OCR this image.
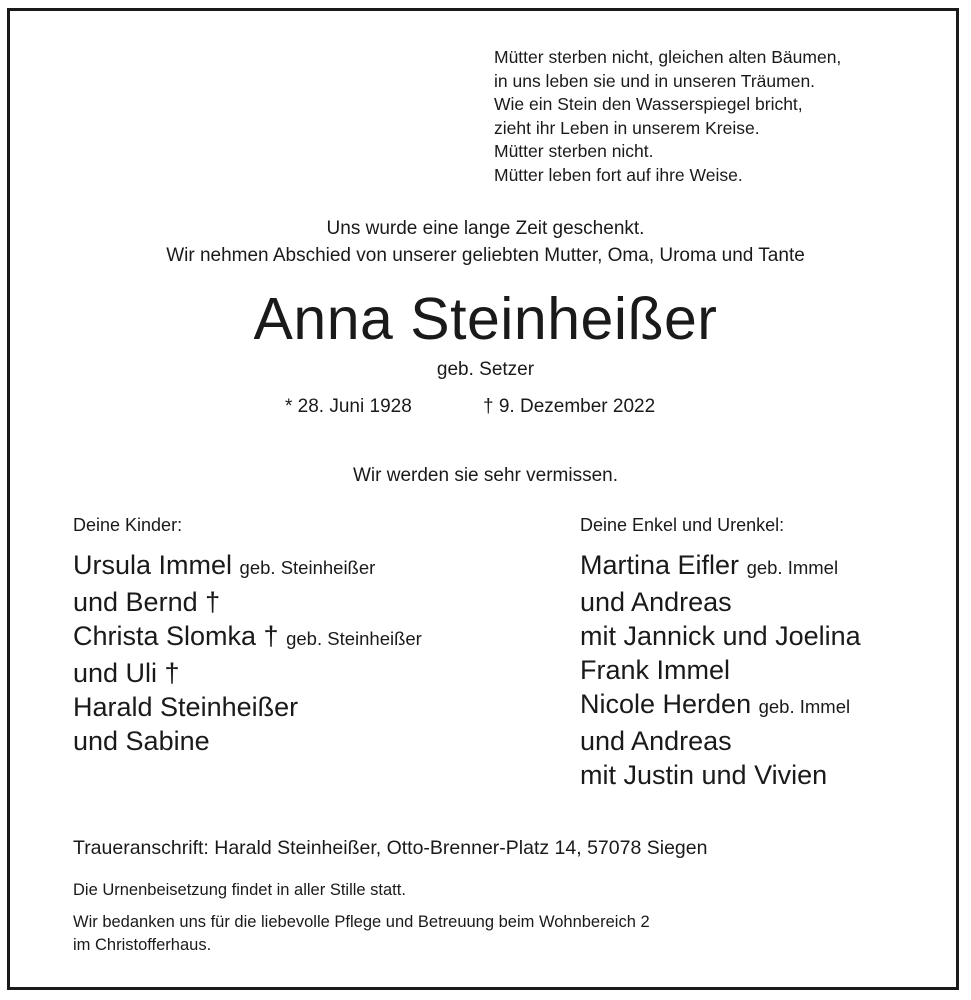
Mütter sterben nicht, gleichen alten Bäumen,
in uns leben sie und in unseren Träumen.
Wie ein Stein den Wasserspiegel bricht,
zieht ihr Leben in unserem Kreise.
Mütter sterben nicht.
Mütter leben fort auf ihre Weise.
Uns wurde eine lange Zeit geschenkt.
Wir nehmen Abschied von unserer geliebten Mutter, Oma, Uroma und Tante
Anna Steinheißer
geb. Setzer
* 28. Juni 1928	† 9. Dezember 2022
Wir werden sie sehr vermissen.
Deine Kinder:	Deine Enkel und Urenkel:
Ursula Immel geb. Steinheißer
und Bernd †
Christa Slomka † geb. Steinheißer
und Uli †
Harald Steinheißer
und Sabine
Martina Eifler geb. Immel
und Andreas
mit Jannick und Joelina
Frank Immel
Nicole Herden geb. Immel
und Andreas
mit Justin und Vivien
Traueranschrift: Harald Steinheißer, Otto-Brenner-Platz 14, 57078 Siegen
Die Urnenbeisetzung findet in aller Stille statt.
Wir bedanken uns für die liebevolle Pflege und Betreuung beim Wohnbereich 2
im Christofferhaus.
